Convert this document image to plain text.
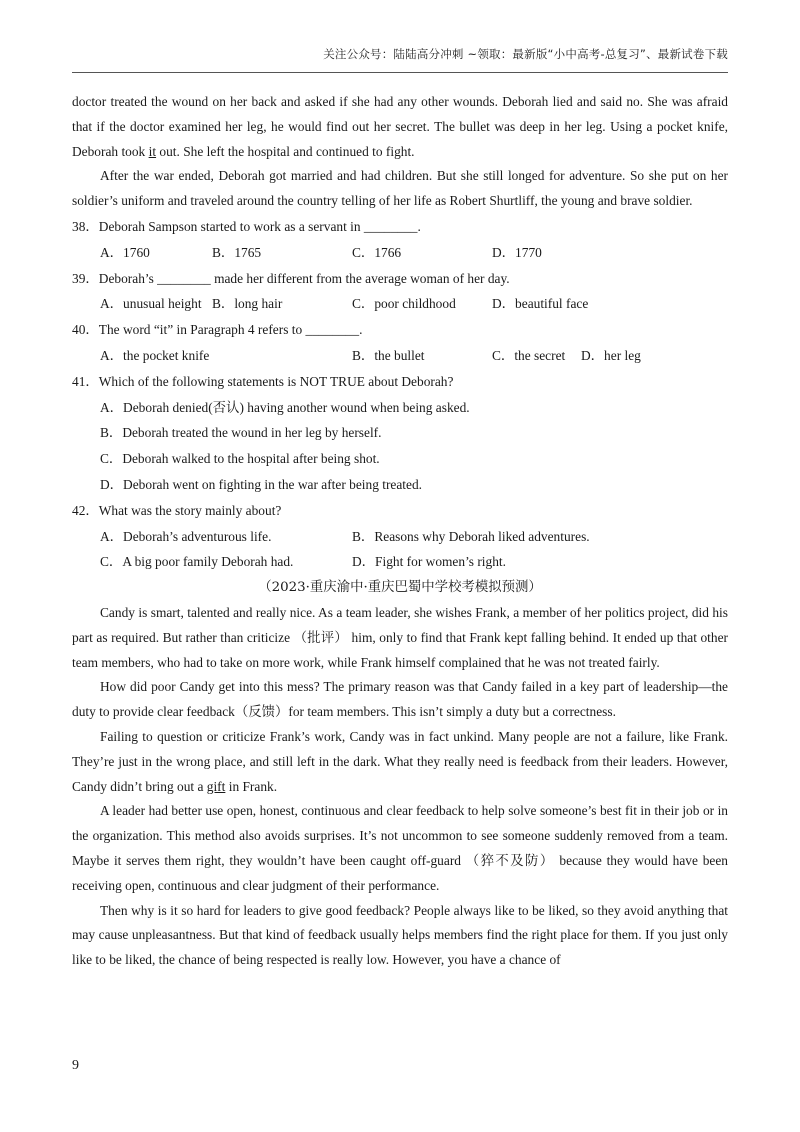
关注公众号：陆陆高分冲刺 ~领取：最新版“小中高考-总复习”、最新试卷下载

doctor treated the wound on her back and asked if she had any other wounds. Deborah lied and said no. She was afraid that if the doctor examined her leg, he would find out her secret. The bullet was deep in her leg. Using a pocket knife, Deborah took it out. She left the hospital and continued to fight.

After the war ended, Deborah got married and had children. But she still longed for adventure. So she put on her soldier’s uniform and traveled around the country telling of her life as Robert Shurtliff, the young and brave soldier.

38．Deborah Sampson started to work as a servant in ________.

A．1760	B．1765	C．1766	D．1770

39．Deborah’s ________ made her different from the average woman of her day.

A．unusual height B．long hair	C．poor childhood	D．beautiful face

40．The word “it” in Paragraph 4 refers to ________.

A．the pocket knife	B．the bullet	C．the secret D．her leg

41．Which of the following statements is NOT TRUE about Deborah?

A．Deborah denied(否认) having another wound when being asked.

B．Deborah treated the wound in her leg by herself.

C．Deborah walked to the hospital after being shot.

D．Deborah went on fighting in the war after being treated.

42．What was the story mainly about?

A．Deborah’s adventurous life.	B．Reasons why Deborah liked adventures.
C．A big poor family Deborah had.	D．Fight for women’s right.

（2023·重庆渝中·重庆巴蜀中学校考模拟预测）

Candy is smart, talented and really nice. As a team leader, she wishes Frank, a member of her politics project, did his part as required. But rather than criticize （批评） him, only to find that Frank kept falling behind. It ended up that other team members, who had to take on more work, while Frank himself complained that he was not treated fairly.

How did poor Candy get into this mess? The primary reason was that Candy failed in a key part of leadership—the duty to provide clear feedback（反馈）for team members. This isn’t simply a duty but a correctness.

Failing to question or criticize Frank’s work, Candy was in fact unkind. Many people are not a failure, like Frank. They’re just in the wrong place, and still left in the dark. What they really need is feedback from their leaders. However, Candy didn’t bring out a gift in Frank.

A leader had better use open, honest, continuous and clear feedback to help solve someone’s best fit in their job or in the organization. This method also avoids surprises. It’s not uncommon to see someone suddenly removed from a team. Maybe it serves them right, they wouldn’t have been caught off-guard （猝不及防） because they would have been receiving open, continuous and clear judgment of their performance.

Then why is it so hard for leaders to give good feedback? People always like to be liked, so they avoid anything that may cause unpleasantness. But that kind of feedback usually helps members find the right place for them. If you just only like to be liked, the chance of being respected is really low. However, you have a chance of

9
